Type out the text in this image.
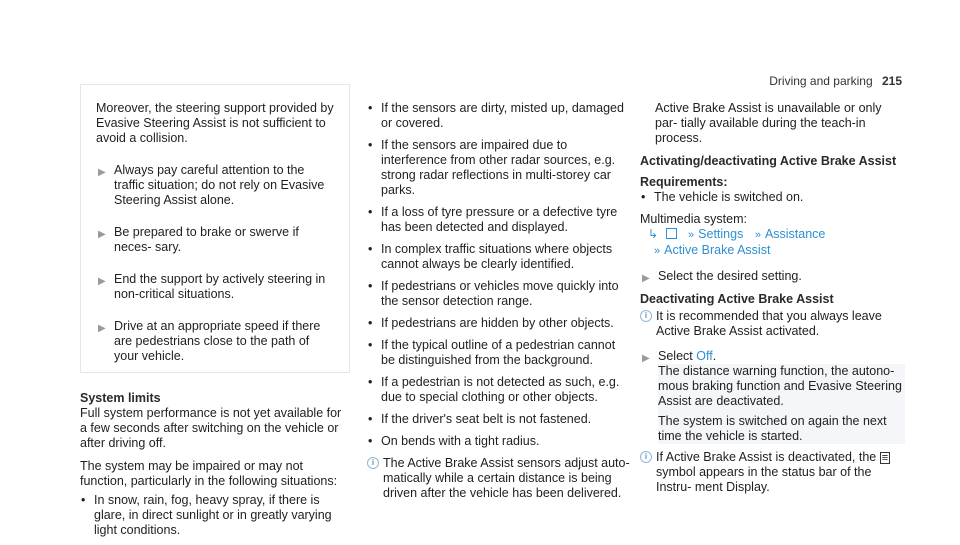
Driving and parking 215

Moreover, the steering support provided by Evasive Steering Assist is not sufficient to avoid a collision.

▶ Always pay careful attention to the traffic situation; do not rely on Evasive Steering Assist alone.
▶ Be prepared to brake or swerve if neces‐ sary.
▶ End the support by actively steering in non‐critical situations.
▶ Drive at an appropriate speed if there are pedestrians close to the path of your vehicle.

System limits

Full system performance is not yet available for a few seconds after switching on the vehicle or after driving off.

The system may be impaired or may not function, particularly in the following situations:

• In snow, rain, fog, heavy spray, if there is glare, in direct sunlight or in greatly varying light conditions.
• If the sensors are dirty, misted up, damaged or covered.
• If the sensors are impaired due to interference from other radar sources, e.g. strong radar reflections in multi‐storey car parks.
• If a loss of tyre pressure or a defective tyre has been detected and displayed.
• In complex traffic situations where objects cannot always be clearly identified.
• If pedestrians or vehicles move quickly into the sensor detection range.
• If pedestrians are hidden by other objects.
• If the typical outline of a pedestrian cannot be distinguished from the background.
• If a pedestrian is not detected as such, e.g. due to special clothing or other objects.
• If the driver's seat belt is not fastened.
• On bends with a tight radius.
i The Active Brake Assist sensors adjust auto‐ matically while a certain distance is being driven after the vehicle has been delivered.

Active Brake Assist is unavailable or only par‐ tially available during the teach‐in process.

Activating/deactivating Active Brake Assist

Requirements:

• The vehicle is switched on.

Multimedia system:

↳	» Settings » Assistance
» Active Brake Assist
▶ Select the desired setting.

Deactivating Active Brake Assist

i It is recommended that you always leave Active Brake Assist activated.
▶ Select Off.

The distance warning function, the autono‐ mous braking function and Evasive Steering Assist are deactivated.

The system is switched on again the next time the vehicle is started.

i If Active Brake Assist is deactivated, the ≡ symbol appears in the status bar of the Instru‐ ment Display.
